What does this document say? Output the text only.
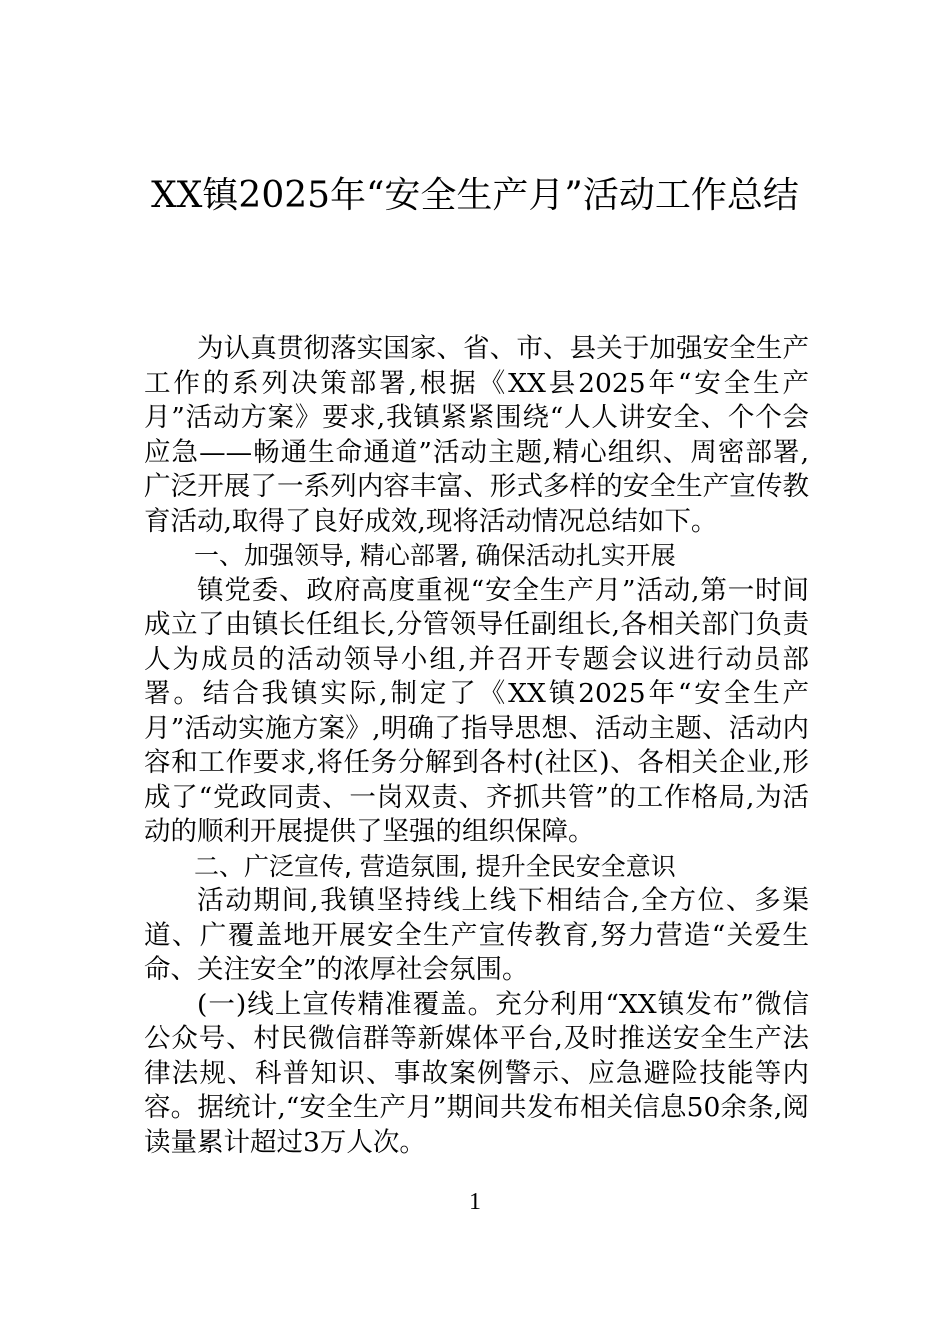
XX镇2025年“安全生产月”活动工作总结

为认真贯彻落实国家、省、市、县关于加强安全生产工作的系列决策部署,根据《XX县2025年“安全生产月”活动方案》要求,我镇紧紧围绕“人人讲安全、个个会应急——畅通生命通道”活动主题,精心组织、周密部署,广泛开展了一系列内容丰富、形式多样的安全生产宣传教育活动,取得了良好成效,现将活动情况总结如下。

一、加强领导, 精心部署, 确保活动扎实开展

镇党委、政府高度重视“安全生产月”活动,第一时间成立了由镇长任组长,分管领导任副组长,各相关部门负责人为成员的活动领导小组,并召开专题会议进行动员部署。结合我镇实际,制定了《XX镇2025年“安全生产月”活动实施方案》,明确了指导思想、活动主题、活动内容和工作要求,将任务分解到各村(社区)、各相关企业,形成了“党政同责、一岗双责、齐抓共管”的工作格局,为活动的顺利开展提供了坚强的组织保障。

二、广泛宣传, 营造氛围, 提升全民安全意识

活动期间,我镇坚持线上线下相结合,全方位、多渠道、广覆盖地开展安全生产宣传教育,努力营造“关爱生命、关注安全”的浓厚社会氛围。

(一)线上宣传精准覆盖。充分利用“XX镇发布”微信公众号、村民微信群等新媒体平台,及时推送安全生产法律法规、科普知识、事故案例警示、应急避险技能等内容。据统计,“安全生产月”期间共发布相关信息50余条,阅读量累计超过3万人次。

1
